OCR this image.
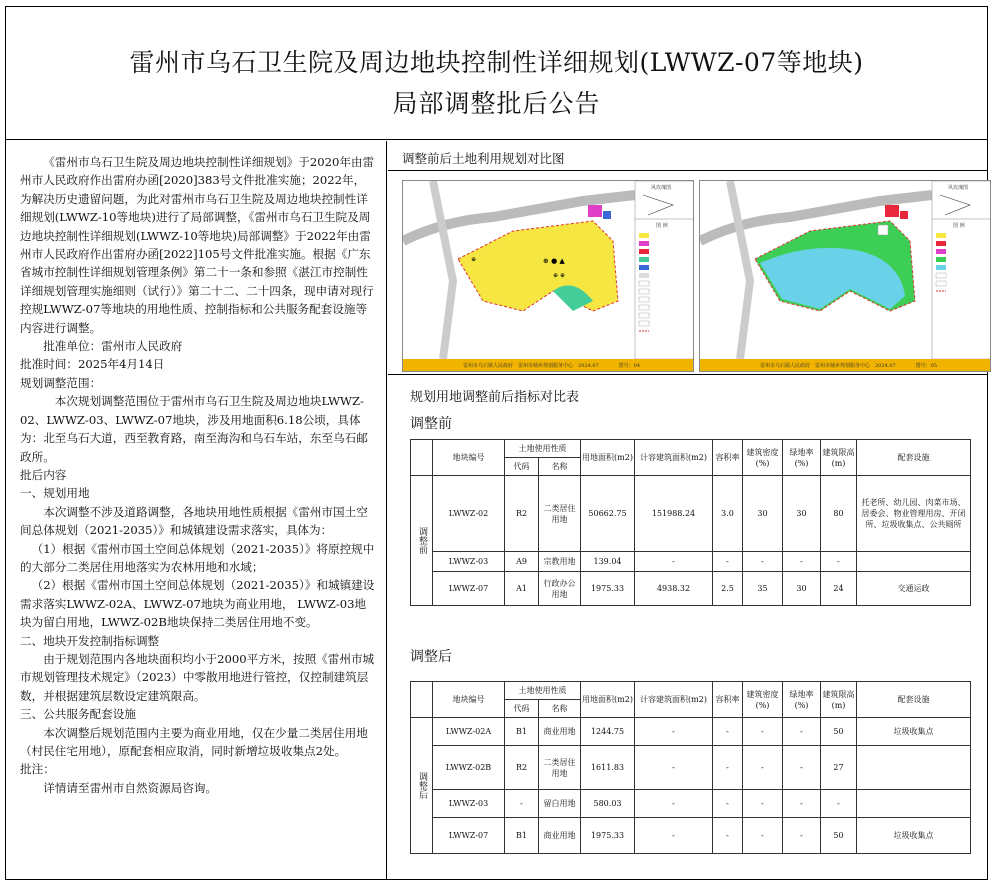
雷州市乌石卫生院及周边地块控制性详细规划(LWWZ-07等地块)
局部调整批后公告

《雷州市乌石卫生院及周边地块控制性详细规划》于2020年由雷州市人民政府作出雷府办函[2020]383号文件批准实施；2022年，为解决历史遗留问题，为此对雷州市乌石卫生院及周边地块控制性详细规划(LWWZ-10等地块)进行了局部调整，《雷州市乌石卫生院及周边地块控制性详细规划(LWWZ-10等地块)局部调整》于2022年由雷州市人民政府作出雷府办函[2022]105号文件批准实施。根据《广东省城市控制性详细规划管理条例》第二十一条和参照《湛江市控制性详细规划管理实施细则（试行）》第二十二、二十四条，现申请对现行控规LWWZ-07等地块的用地性质、控制指标和公共服务配套设施等内容进行调整。

批准单位：雷州市人民政府

批准时间：2025年4月14日

规划调整范围：

本次规划调整范围位于雷州市乌石卫生院及周边地块LWWZ-02、LWWZ-03、LWWZ-07地块，涉及用地面积6.18公顷，具体为：北至乌石大道，西至教育路，南至海沟和乌石车站，东至乌石邮政所。

批后内容

一、规划用地

本次调整不涉及道路调整，各地块用地性质根据《雷州市国土空间总体规划（2021-2035）》和城镇建设需求落实，具体为：

（1）根据《雷州市国土空间总体规划（2021-2035）》将原控规中的大部分二类居住用地落实为农林用地和水域；

（2）根据《雷州市国土空间总体规划（2021-2035）》和城镇建设需求落实LWWZ-02A、LWWZ-07地块为商业用地， LWWZ-03地块为留白用地，LWWZ-02B地块保持二类居住用地不变。

二、地块开发控制指标调整

由于规划范围内各地块面积均小于2000平方米，按照《雷州市城市规划管理技术规定》（2023）中零散用地进行管控，仅控制建筑层数，并根据建筑层数设定建筑限高。

三、公共服务配套设施

本次调整后规划范围内主要为商业用地，仅在少量二类居住用地（村民住宅用地），原配套相应取消，同时新增垃圾收集点2处。

批注：

详情请至雷州市自然资源局咨询。

调整前后土地利用规划对比图
⊕	⊕ ● ▲
⊕ ⊕
风玫瑰图
图 例
雷州市乌石镇人民政府　雷州市城乡规划服务中心　2024.07　　　　图号：04
风玫瑰图
图 例
雷州市乌石镇人民政府　雷州市城乡规划服务中心　2024.07　　　　图号：05
规划用地调整前后指标对比表
调整前
	地块编号	土地使用性质		用地面积(m2)	计容建筑面积(m2)	容积率	建筑密度(%)	绿地率(%)	建筑限高(m)	配套设施
		代码	名称							
调整前	LWWZ-02	R2	二类居住用地	50662.75	151988.24	3.0	30	30	80	托老所、幼儿园、肉菜市场、居委会、物业管理用房、开闭所、垃圾收集点、公共厕所
	LWWZ-03	A9	宗教用地	139.04	-	-	-	-	-	
	LWWZ-07	A1	行政办公用地	1975.33	4938.32	2.5	35	30	24	交通运政
调整后
	地块编号	土地使用性质		用地面积(m2)	计容建筑面积(m2)	容积率	建筑密度(%)	绿地率(%)	建筑限高(m)	配套设施
		代码	名称							
调整后	LWWZ-02A	B1	商业用地	1244.75	-	-	-	-	50	垃圾收集点
	LWWZ-02B	R2	二类居住用地	1611.83	-	-	-	-	27	
	LWWZ-03	-	留白用地	580.03	-	-	-	-	-	
	LWWZ-07	B1	商业用地	1975.33	-	-	-	-	50	垃圾收集点
